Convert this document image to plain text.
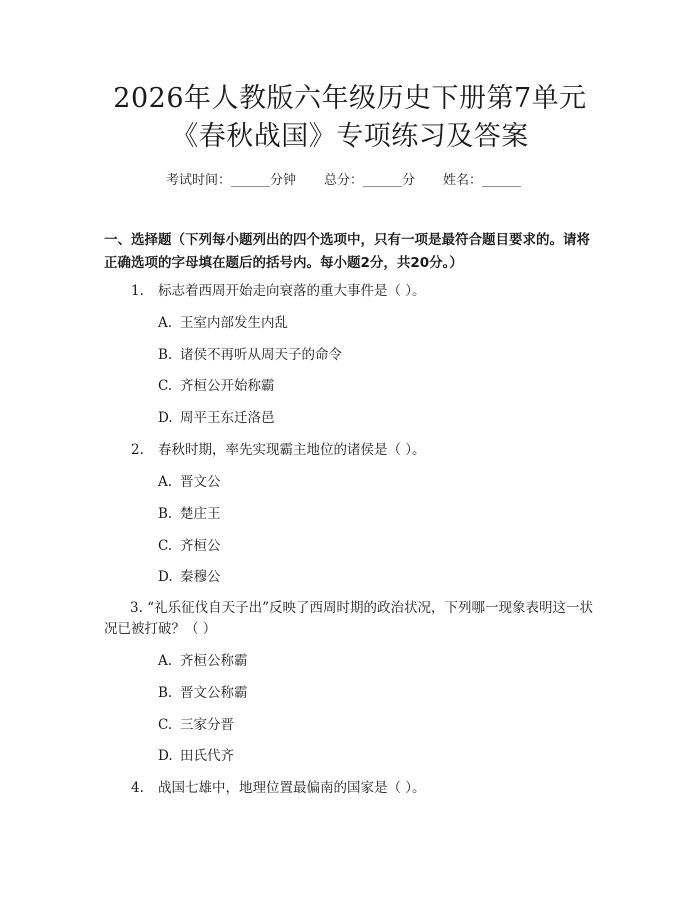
2026年人教版六年级历史下册第7单元《春秋战国》专项练习及答案
考试时间：______分钟 总分：______分 姓名：______
一、选择题（下列每小题列出的四个选项中，只有一项是最符合题目要求的。请将正确选项的字母填在题后的括号内。每小题2分，共20分。）
1. 标志着西周开始走向衰落的重大事件是（ ）。
A. 王室内部发生内乱
B. 诸侯不再听从周天子的命令
C. 齐桓公开始称霸
D. 周平王东迁洛邑
2. 春秋时期，率先实现霸主地位的诸侯是（ ）。
A. 晋文公
B. 楚庄王
C. 齐桓公
D. 秦穆公
3. “礼乐征伐自天子出”反映了西周时期的政治状况，下列哪一现象表明这一状况已被打破？（ ）
A. 齐桓公称霸
B. 晋文公称霸
C. 三家分晋
D. 田氏代齐
4. 战国七雄中，地理位置最偏南的国家是（ ）。
